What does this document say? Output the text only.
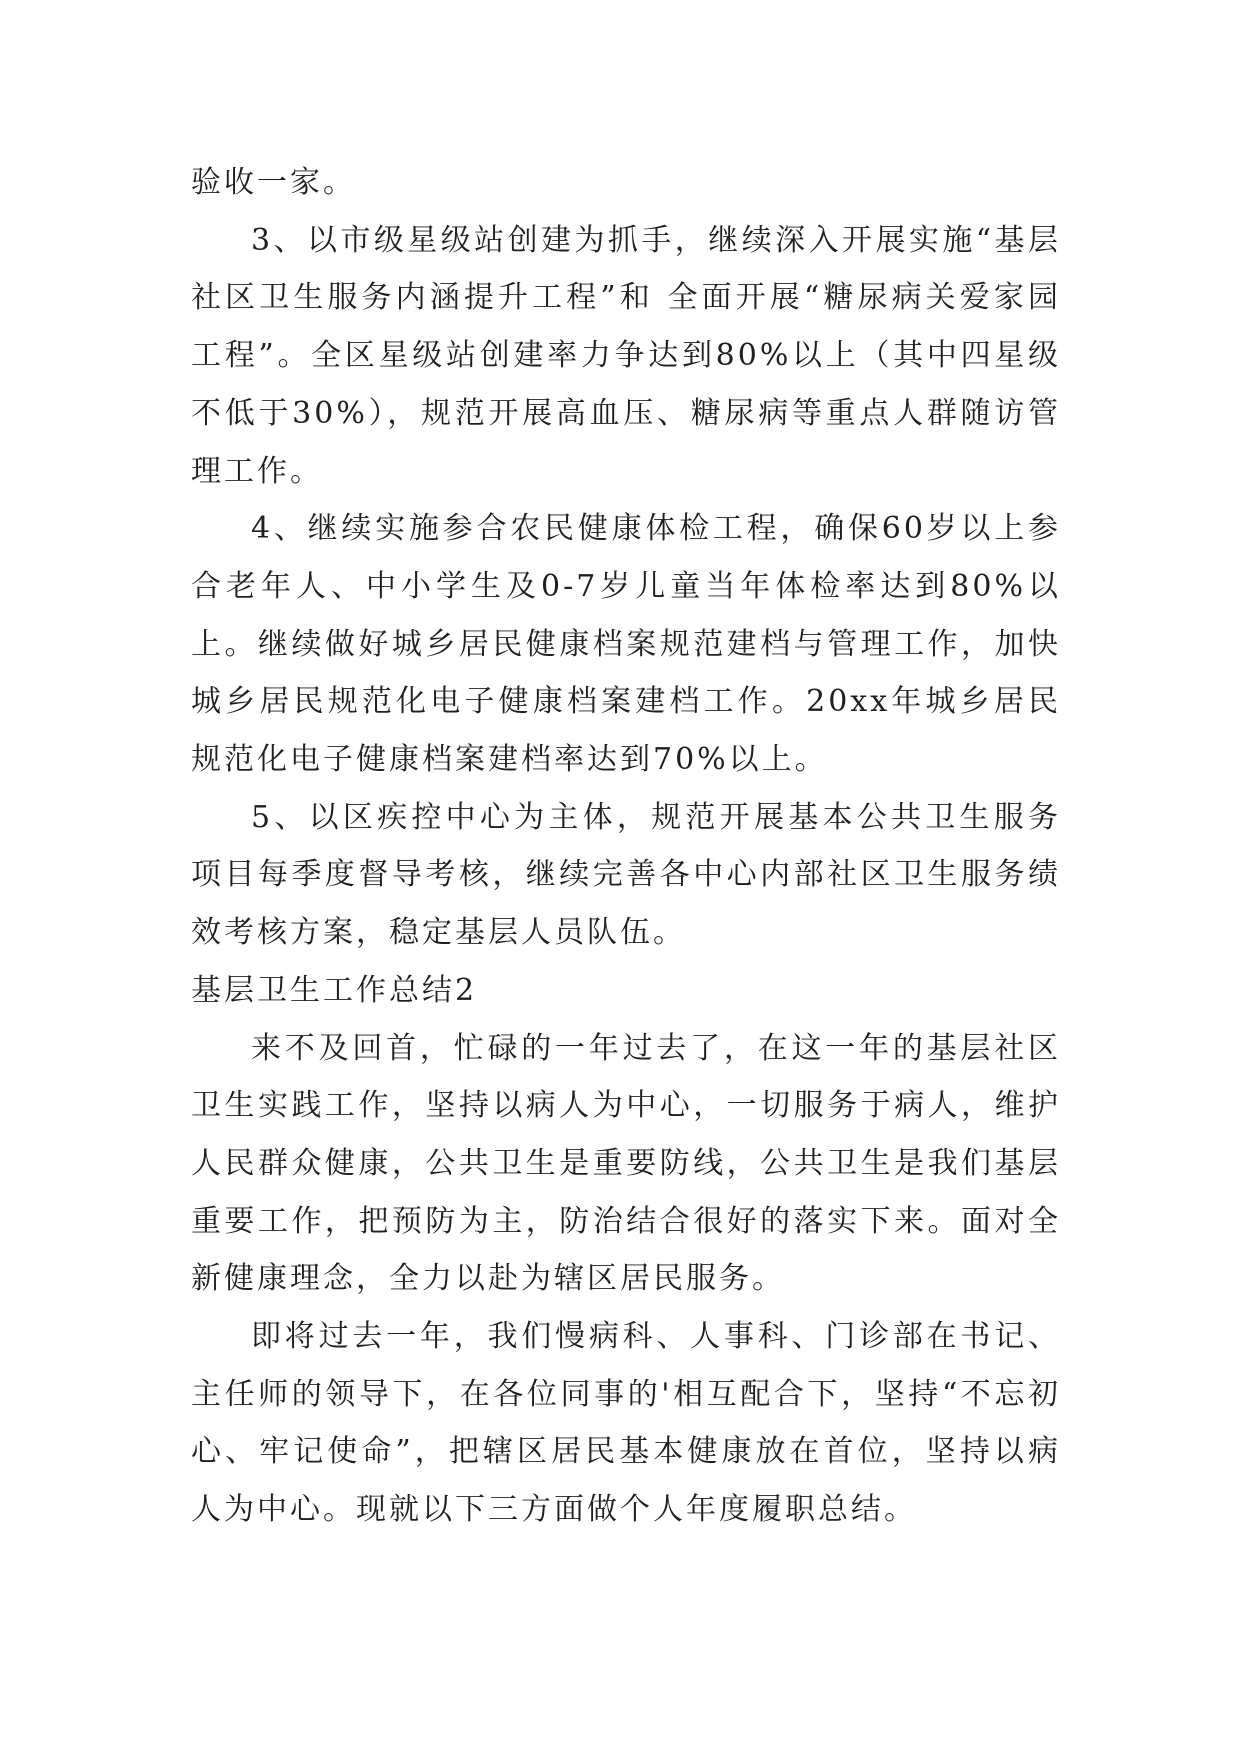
验收一家。

3、以市级星级站创建为抓手，继续深入开展实施“基层社区卫生服务内涵提升工程”和 全面开展“糖尿病关爱家园工程”。全区星级站创建率力争达到80%以上（其中四星级不低于30%），规范开展高血压、糖尿病等重点人群随访管理工作。

4、继续实施参合农民健康体检工程，确保60岁以上参合老年人、中小学生及0-7岁儿童当年体检率达到80%以上。继续做好城乡居民健康档案规范建档与管理工作，加快城乡居民规范化电子健康档案建档工作。20xx年城乡居民规范化电子健康档案建档率达到70%以上。

5、以区疾控中心为主体，规范开展基本公共卫生服务项目每季度督导考核，继续完善各中心内部社区卫生服务绩效考核方案，稳定基层人员队伍。

基层卫生工作总结2

来不及回首，忙碌的一年过去了，在这一年的基层社区卫生实践工作，坚持以病人为中心，一切服务于病人，维护人民群众健康，公共卫生是重要防线，公共卫生是我们基层重要工作，把预防为主，防治结合很好的落实下来。面对全新健康理念，全力以赴为辖区居民服务。

即将过去一年，我们慢病科、人事科、门诊部在书记、主任师的领导下，在各位同事的'相互配合下，坚持“不忘初心、牢记使命”，把辖区居民基本健康放在首位，坚持以病人为中心。现就以下三方面做个人年度履职总结。
